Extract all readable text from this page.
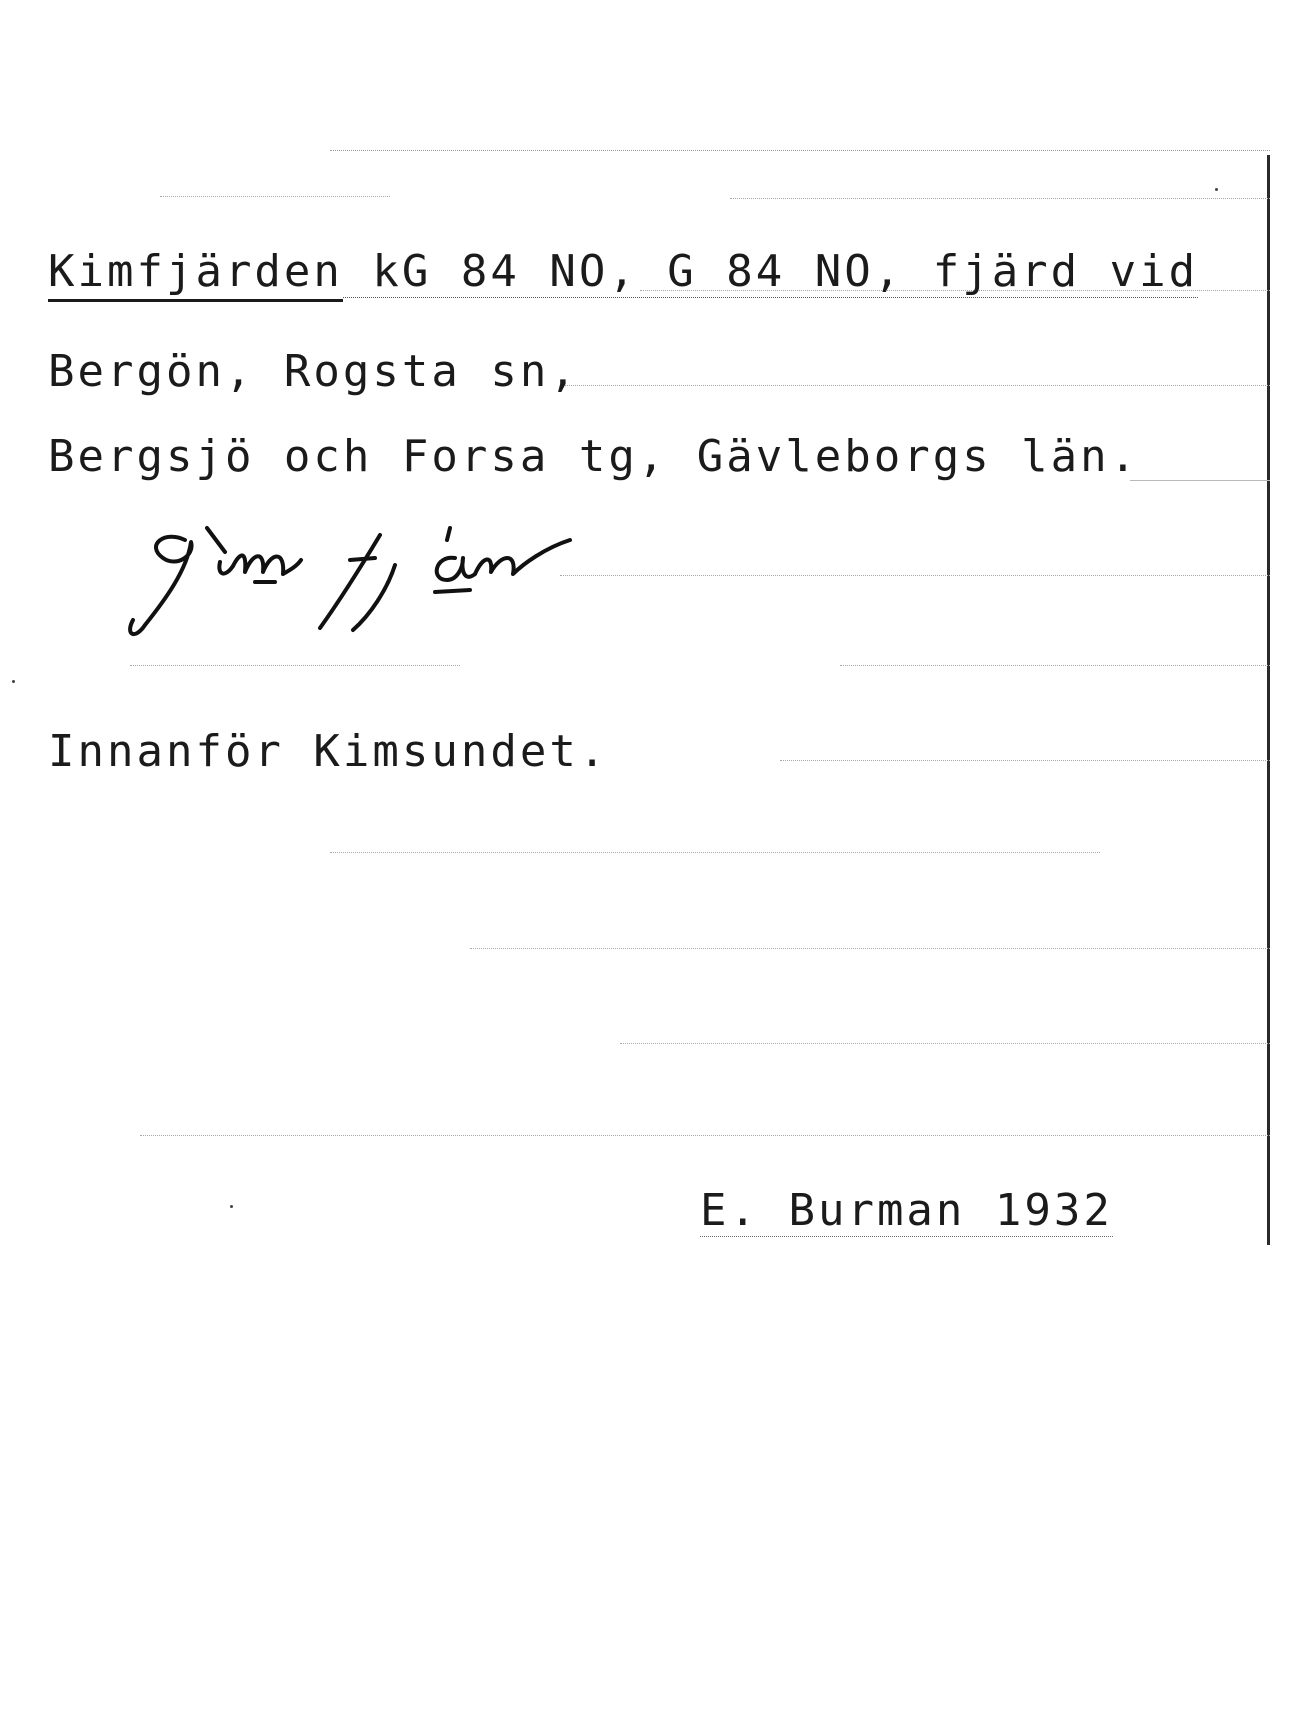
Kimfjärden kG 84 NO, G 84 NO, fjärd vid
Bergön, Rogsta sn,
Bergsjö och Forsa tg, Gävleborgs län.
Innanför Kimsundet.
E. Burman 1932
